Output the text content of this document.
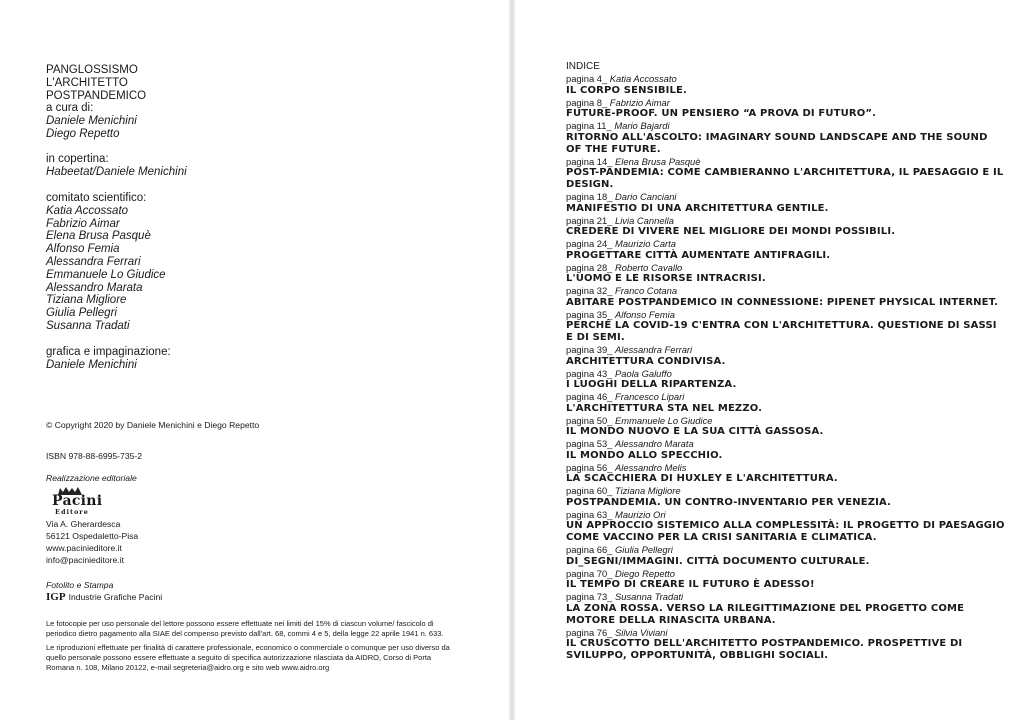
PANGLOSSISMO
L'ARCHITETTO
POSTPANDEMICO
a cura di:
Daniele Menichini
Diego Repetto
in copertina:
Habeetat/Daniele Menichini
comitato scientifico:
Katia Accossato
Fabrizio Aimar
Elena Brusa Pasquè
Alfonso Femia
Alessandra Ferrari
Emmanuele Lo Giudice
Alessandro Marata
Tiziana Migliore
Giulia Pellegri
Susanna Tradati
grafica e impaginazione:
Daniele Menichini
© Copyright 2020 by Daniele Menichini e Diego Repetto
ISBN 978-88-6995-735-2
Realizzazione editoriale
Pacini
Editore
Via A. Gherardesca
56121 Ospedaletto-Pisa
www.pacinieditore.it
info@pacinieditore.it
Fotolito e Stampa
IGP Industrie Grafiche Pacini

Le fotocopie per uso personale del lettore possono essere effettuate nei limiti del 15% di ciascun volume/ fascicolo di periodico dietro pagamento alla SIAE del compenso previsto dall'art. 68, commi 4 e 5, della legge 22 aprile 1941 n. 633.

Le riproduzioni effettuate per finalità di carattere professionale, economico o commerciale o comunque per uso diverso da quello personale possono essere effettuate a seguito di specifica autorizzazione rilasciata da AIDRO, Corso di Porta Romana n. 108, Milano 20122, e-mail segreteria@aidro.org e sito web www.aidro.org

INDICE
pagina 4_ Katia Accossato
IL CORPO SENSIBILE.
pagina 8_ Fabrizio Aimar
FUTURE-PROOF. UN PENSIERO “A PROVA DI FUTURO”.
pagina 11_ Mario Bajardi
RITORNO ALL'ASCOLTO: IMAGINARY SOUND LANDSCAPE AND THE SOUND OF THE FUTURE.
pagina 14_ Elena Brusa Pasquè
POST-PANDEMIA: COME CAMBIERANNO L'ARCHITETTURA, IL PAESAGGIO E IL DESIGN.
pagina 18_ Dario Canciani
MANIFESTIO DI UNA ARCHITETTURA GENTILE.
pagina 21_ Livia Cannella
CREDERE DI VIVERE NEL MIGLIORE DEI MONDI POSSIBILI.
pagina 24_ Maurizio Carta
PROGETTARE CITTÀ AUMENTATE ANTIFRAGILI.
pagina 28_ Roberto Cavallo
L'UOMO E LE RISORSE INTRACRISI.
pagina 32_ Franco Cotana
ABITARE POSTPANDEMICO IN CONNESSIONE: PIPENET PHYSICAL INTERNET.
pagina 35_ Alfonso Femia
PERCHÉ LA COVID-19 C'ENTRA CON L'ARCHITETTURA. QUESTIONE DI SASSI E DI SEMI.
pagina 39_ Alessandra Ferrari
ARCHITETTURA CONDIVISA.
pagina 43_ Paola Galuffo
I LUOGHI DELLA RIPARTENZA.
pagina 46_ Francesco Lipari
L'ARCHITETTURA STA NEL MEZZO.
pagina 50_ Emmanuele Lo Giudice
IL MONDO NUOVO E LA SUA CITTÀ GASSOSA.
pagina 53_ Alessandro Marata
IL MONDO ALLO SPECCHIO.
pagina 56_ Alessandro Melis
LA SCACCHIERA DI HUXLEY E L'ARCHITETTURA.
pagina 60_ Tiziana Migliore
POSTPANDEMIA. UN CONTRO-INVENTARIO PER VENEZIA.
pagina 63_ Maurizio Ori
UN APPROCCIO SISTEMICO ALLA COMPLESSITÀ: IL PROGETTO DI PAESAGGIO COME VACCINO PER LA CRISI SANITARIA E CLIMATICA.
pagina 66_ Giulia Pellegri
DI_SEGNI/IMMAGINI. CITTÀ DOCUMENTO CULTURALE.
pagina 70_ Diego Repetto
IL TEMPO DI CREARE IL FUTURO È ADESSO!
pagina 73_ Susanna Tradati
LA ZONA ROSSA. VERSO LA RILEGITTIMAZIONE DEL PROGETTO COME MOTORE DELLA RINASCITA URBANA.
pagina 76_ Silvia Viviani
IL CRUSCOTTO DELL'ARCHITETTO POSTPANDEMICO. PROSPETTIVE DI SVILUPPO, OPPORTUNITÀ, OBBLIGHI SOCIALI.
